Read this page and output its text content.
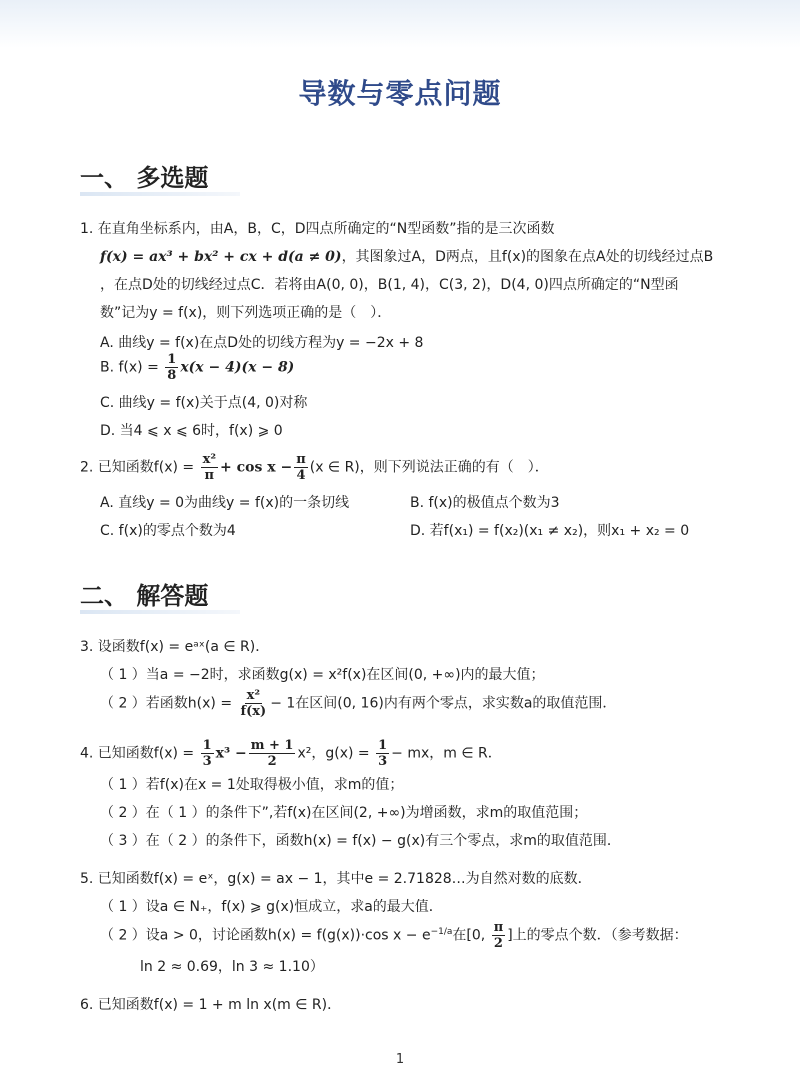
导数与零点问题
一、 多选题
1. 在直角坐标系内，由A，B，C，D四点所确定的“N型函数”指的是三次函数
f(x) = ax³ + bx² + cx + d(a ≠ 0)，其图象过A，D两点，且f(x)的图象在点A处的切线经过点B
，在点D处的切线经过点C．若将由A(0, 0)，B(1, 4)，C(3, 2)，D(4, 0)四点所确定的“N型函
数”记为y = f(x)，则下列选项正确的是（　）．
A. 曲线y = f(x)在点D处的切线方程为y = −2x + 8
B. $f(x) = \frac{1}{8} x(x - 4)(x - 8)$
C. 曲线y = f(x)关于点(4, 0)对称
D. 当4 ⩽ x ⩽ 6时，f(x) ⩾ 0
2. 已知函数$f(x) = \frac{\text{x²}}{\pi} + \cos x - \frac{\pi}{4} (x$ ∈ R)，则下列说法正确的有（　）．
A. 直线y = 0为曲线y = f(x)的一条切线	B. f(x)的极值点个数为3
C. f(x)的零点个数为4	D. 若f(x₁) = f(x₂)(x₁ ≠ x₂)，则x₁ + x₂ = 0
二、 解答题
3. 设函数f(x) = eᵃˣ(a ∈ R)．
（ 1 ）当a = −2时，求函数g(x) = x²f(x)在区间(0, +∞)内的最大值；
（ 2 ）若函数$h(x) = \frac{\text{x²}}{f(x)} - 1$在区间(0, 16)内有两个零点，求实数a的取值范围．
4. 已知函数$f(x) = \frac{1}{3} x^3 - \frac{m + 1}{2} x^2$，$g(x) = \frac{1}{3}$ − mx，m ∈ R．
（ 1 ）若f(x)在x = 1处取得极小值，求m的值；
（ 2 ）在（ 1 ）的条件下”,若f(x)在区间(2, +∞)为增函数，求m的取值范围；
（ 3 ）在（ 2 ）的条件下，函数h(x) = f(x) − g(x)有三个零点，求m的取值范围．
5. 已知函数f(x) = eˣ，g(x) = ax − 1，其中e = 2.71828…为自然对数的底数．
（ 1 ）设a ∈ N₊，f(x) ⩾ g(x)恒成立，求a的最大值．
（ 2 ）设a > 0，讨论函数h(x) = f(g(x))·cos $x - e^{-1/a}$在[0, $\frac{\pi}{2}$ ]上的零点个数．（参考数据：
ln 2 ≈ 0.69，ln 3 ≈ 1.10）
6. 已知函数f(x) = 1 + m ln x(m ∈ R)．
1
